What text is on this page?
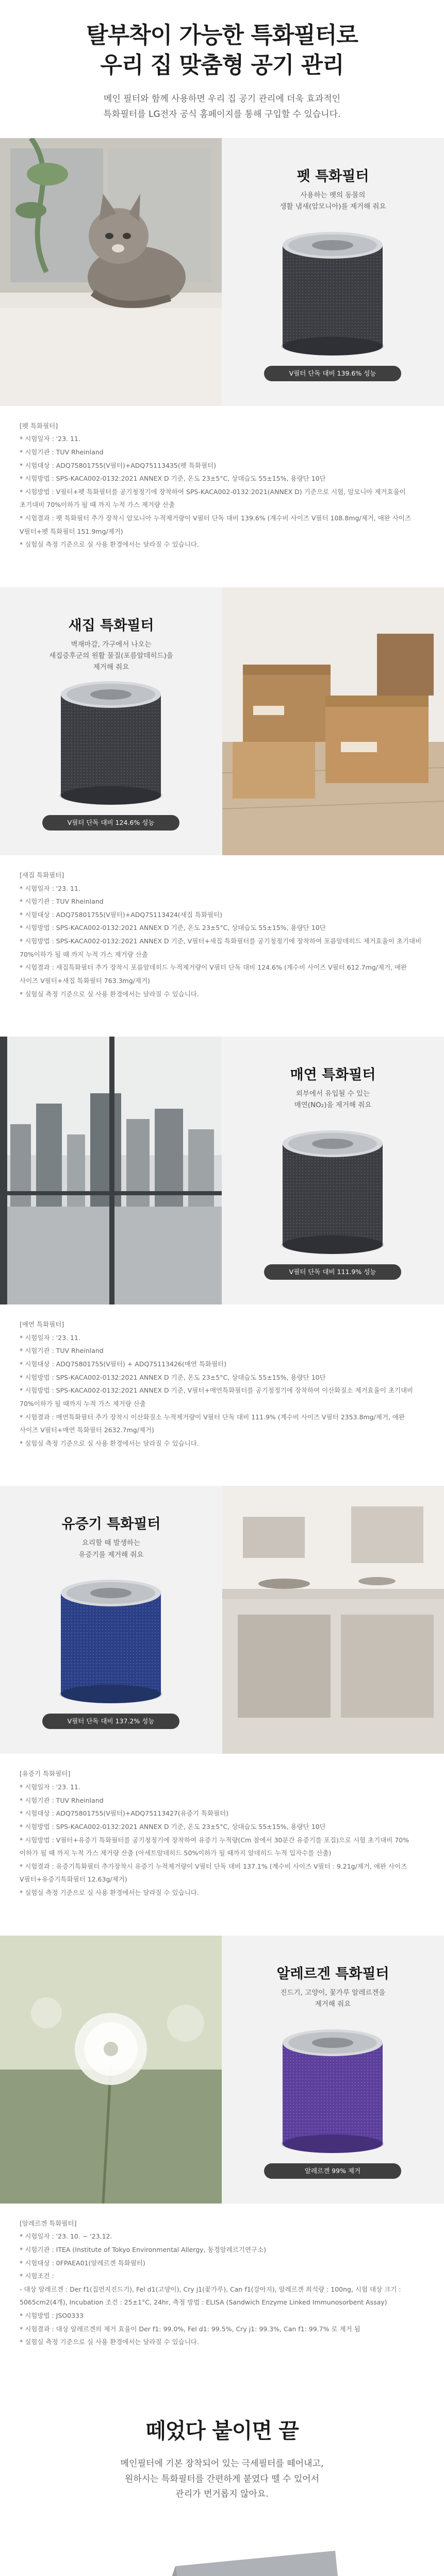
탈부착이 가능한 특화필터로
우리 집 맞춤형 공기 관리

메인 필터와 함께 사용하면 우리 집 공기 관리에 더욱 효과적인
특화필터를 LG전자 공식 홈페이지를 통해 구입할 수 있습니다.

펫 특화필터

사용하는 펫의 동물의
생활 냄새(암모니아)를 제거해 줘요

V필터 단독 대비 139.6% 성능

[펫 특화필터]

* 시험일자 : '23. 11.

* 시험기관 : TUV Rheinland

* 시험대상 : ADQ75801755(V필터)+ADQ75113435(펫 특화필터)

* 시험방법 : SPS-KACA002-0132:2021 ANNEX D 기준, 온도 23±5°C, 상대습도 55±15%, 용량단 10단

* 시험방법 : V필터+펫 특화필터를 공기청정기에 장착하여 SPS-KACA002-0132:2021(ANNEX D) 기준으로 시험, 암모니아 제거효율이 초기대비 70%이하가 될 때 까지 누적 가스 제거량 산출

* 시험결과 : 펫 특화필터 추가 장착시 암모니아 누적제거량이 V필터 단독 대비 139.6% (계수비 사이즈 V필터 108.8mg/제거, 애완 사이즈 V필터+펫 특화필터 151.9mg/제거)

* 실험실 측정 기준으로 실 사용 환경에서는 달라질 수 있습니다.

새집 특화필터

벽재마감, 가구에서 나오는
새집증후군의 원활 물질(포름알데히드)을
제거해 줘요

V필터 단독 대비 124.6% 성능

[새집 특화필터]

* 시험일자 : '23. 11.

* 시험기관 : TUV Rheinland

* 시험대상 : ADQ75801755(V필터)+ADQ75113424(새집 특화필터)

* 시험방법 : SPS-KACA002-0132:2021 ANNEX D 기준, 온도 23±5°C, 상대습도 55±15%, 용량단 10단

* 시험방법 : SPS-KACA002-0132:2021 ANNEX D 기준, V필터+새집 특화필터를 공기청정기에 장착하여 포름알데히드 제거효율이 초기대비 70%이하가 될 때 까지 누적 가스 제거량 산출

* 시험결과 : 새집특화필터 추가 장착시 포름알데히드 누적제거량이 V필터 단독 대비 124.6% (계수비 사이즈 V필터 612.7mg/제거, 애완 사이즈 V필터+새집 특화필터 763.3mg/제거)

* 실험실 측정 기준으로 실 사용 환경에서는 달라질 수 있습니다.

매연 특화필터

외부에서 유입될 수 있는
매연(NO₂)을 제거해 줘요

V필터 단독 대비 111.9% 성능

[매연 특화필터]

* 시험일자 : '23. 11.

* 시험기관 : TUV Rheinland

* 시험대상 : ADQ75801755(V필터) + ADQ75113426(매연 특화필터)

* 시험방법 : SPS-KACA002-0132:2021 ANNEX D 기준, 온도 23±5°C, 상대습도 55±15%, 용량단 10단

* 시험방법 : SPS-KACA002-0132:2021 ANNEX D 기준, V필터+매연특화필터를 공기청정기에 장착하여 이산화질소 제거효율이 초기대비 70%이하가 될 때까지 누적 가스 제거량 산출

* 시험결과 : 매연특화필터 추가 장착시 이산화질소 누적제거량이 V필터 단독 대비 111.9% (계수비 사이즈 V필터 2353.8mg/제거, 애완 사이즈 V필터+매연 특화필터 2632.7mg/제거)

* 실험실 측정 기준으로 실 사용 환경에서는 달라질 수 있습니다.

유증기 특화필터

요리할 때 발생하는
유증기를 제거해 줘요

V필터 단독 대비 137.2% 성능

[유증기 특화필터]

* 시험일자 : '23. 11.

* 시험기관 : TUV Rheinland

* 시험대상 : ADQ75801755(V필터)+ADQ75113427(유증기 특화필터)

* 시험방법 : SPS-KACA002-0132:2021 ANNEX D 기준, 온도 23±5°C, 상대습도 55±15%, 용량단 10단

* 시험방법 : V필터+유증기 특화필터를 공기청정기에 장착하여 유증기 누적량(Cm 참에서 30분간 유증기를 포집)으로 시험 초기대비 70%이하가 될 때 까지 누적 가스 제거량 산출 (아세트알데히드 50%이하가 될 때까지 알데히드 누적 입자수를 산출)

* 시험결과 : 유증기특화필터 추가장착시 유증기 누적제거량이 V필터 단독 대비 137.1% (계수비 사이즈 V필터 : 9.21g/제거, 애완 사이즈 V필터+유증기특화필터 12.63g/제거)

* 실험실 측정 기준으로 실 사용 환경에서는 달라질 수 있습니다.

알레르겐 특화필터

진드기, 고양이, 꽃가루 알레르겐을
제거해 줘요

알레르겐 99% 제거

[알레르겐 특화필터]

* 시험일자 : '23. 10. ~ '23.12.

* 시험기관 : ITEA (Institute of Tokyo Environmental Allergy, 동경알레르기연구소)

* 시험대상 : 0FPAEA01(알레르겐 특화필터)

* 시험조건 :

- 대상 알레르겐 : Der f1(집먼지진드기), Fel d1(고양이), Cry j1(꽃가루), Can f1(강아지), 알레르겐 희석량 : 100ng, 시험 대상 크기 : 5065cm2(4개), Incubation 조건 : 25±1°C, 24hr, 측정 방법 : ELISA (Sandwich Enzyme Linked Immunosorbent Assay)

* 시험방법 : JSO0333

* 시험결과 : 대상 알레르겐의 제거 효율이 Der f1: 99.0%, Fel d1: 99.5%, Cry j1: 99.3%, Can f1: 99.7% 로 제거 됨

* 실험실 측정 기준으로 실 사용 환경에서는 달라질 수 있습니다.

떼었다 붙이면 끝

메인필터에 기본 장착되어 있는 극세필터를 떼어내고,
원하시는 특화필터를 간편하게 붙였다 뗄 수 있어서
관리가 번거롭지 않아요.
